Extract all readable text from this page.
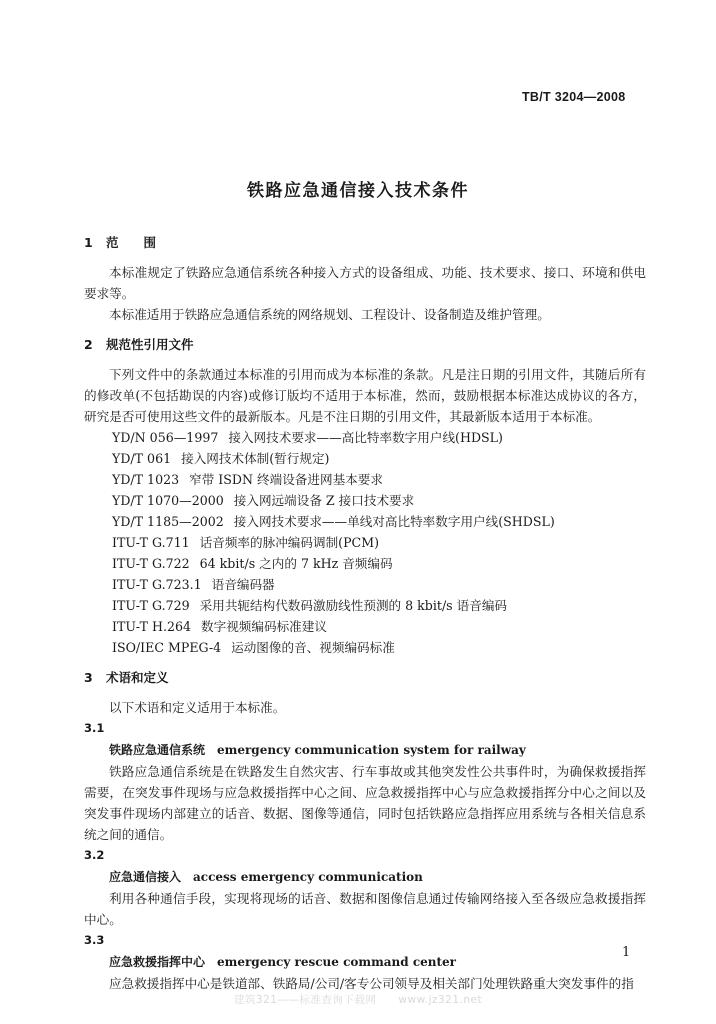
TB/T 3204—2008
铁路应急通信接入技术条件

1 范　　围

本标准规定了铁路应急通信系统各种接入方式的设备组成、功能、技术要求、接口、环境和供电要求等。

本标准适用于铁路应急通信系统的网络规划、工程设计、设备制造及维护管理。

2 规范性引用文件

下列文件中的条款通过本标准的引用而成为本标准的条款。凡是注日期的引用文件，其随后所有的修改单(不包括勘误的内容)或修订版均不适用于本标准，然而，鼓励根据本标准达成协议的各方，研究是否可使用这些文件的最新版本。凡是不注日期的引用文件，其最新版本适用于本标准。

YD/N 056—1997 接入网技术要求——高比特率数字用户线(HDSL)

YD/T 061 接入网技术体制(暂行规定)

YD/T 1023 窄带 ISDN 终端设备进网基本要求

YD/T 1070—2000 接入网远端设备 Z 接口技术要求

YD/T 1185—2002 接入网技术要求——单线对高比特率数字用户线(SHDSL)

ITU-T G.711 话音频率的脉冲编码调制(PCM)

ITU-T G.722 64 kbit/s 之内的 7 kHz 音频编码

ITU-T G.723.1 语音编码器

ITU-T G.729 采用共轭结构代数码激励线性预测的 8 kbit/s 语音编码

ITU-T H.264 数字视频编码标准建议

ISO/IEC MPEG-4 运动图像的音、视频编码标准

3 术语和定义

以下术语和定义适用于本标准。

3.1

铁路应急通信系统 emergency communication system for railway

铁路应急通信系统是在铁路发生自然灾害、行车事故或其他突发性公共事件时，为确保救援指挥需要，在突发事件现场与应急救援指挥中心之间、应急救援指挥中心与应急救援指挥分中心之间以及突发事件现场内部建立的话音、数据、图像等通信，同时包括铁路应急指挥应用系统与各相关信息系统之间的通信。

3.2

应急通信接入 access emergency communication

利用各种通信手段，实现将现场的话音、数据和图像信息通过传输网络接入至各级应急救援指挥中心。

3.3

应急救援指挥中心 emergency rescue command center

应急救援指挥中心是铁道部、铁路局/公司/客专公司领导及相关部门处理铁路重大突发事件的指

1
建筑321——标准查询下载网　　www.jz321.net
